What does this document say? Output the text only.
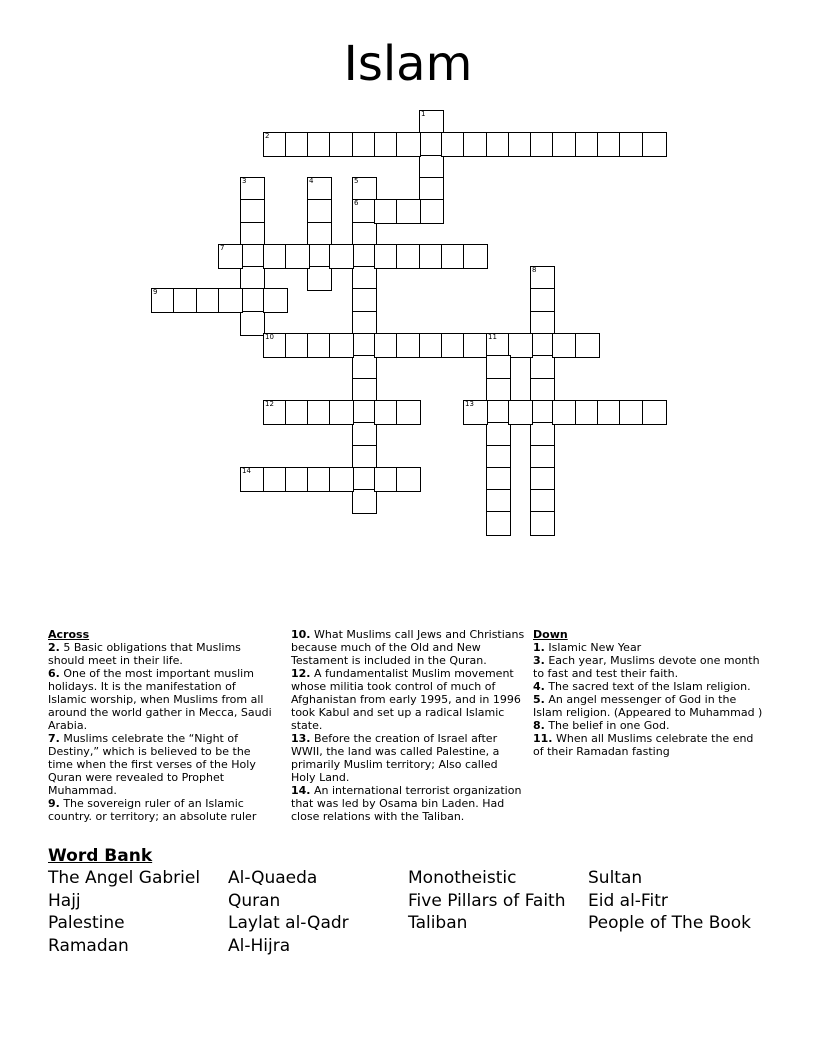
Islam
1
2
3	4	5
6
7
8
9
10	11
12	13
14
Across
2. 5 Basic obligations that Muslims should meet in their life.
6. One of the most important muslim holidays. It is the manifestation of Islamic worship, when Muslims from all around the world gather in Mecca, Saudi Arabia.
7. Muslims celebrate the “Night of Destiny,” which is believed to be the time when the first verses of the Holy Quran were revealed to Prophet Muhammad.
9. The sovereign ruler of an Islamic country. or territory; an absolute ruler
10. What Muslims call Jews and Christians because much of the Old and New Testament is included in the Quran.
12. A fundamentalist Muslim movement whose militia took control of much of Afghanistan from early 1995, and in 1996 took Kabul and set up a radical Islamic state.
13. Before the creation of Israel after WWII, the land was called Palestine, a primarily Muslim territory; Also called Holy Land.
14. An international terrorist organization that was led by Osama bin Laden. Had close relations with the Taliban.
Down
1. Islamic New Year
3. Each year, Muslims devote one month to fast and test their faith.
4. The sacred text of the Islam religion.
5. An angel messenger of God in the Islam religion. (Appeared to Muhammad )
8. The belief in one God.
11. When all Muslims celebrate the end of their Ramadan fasting
Word Bank
The Angel Gabriel
Hajj
Palestine
Ramadan
Al-Quaeda
Quran
Laylat al-Qadr
Al-Hijra
Monotheistic
Five Pillars of Faith
Taliban
Sultan
Eid al-Fitr
People of The Book
